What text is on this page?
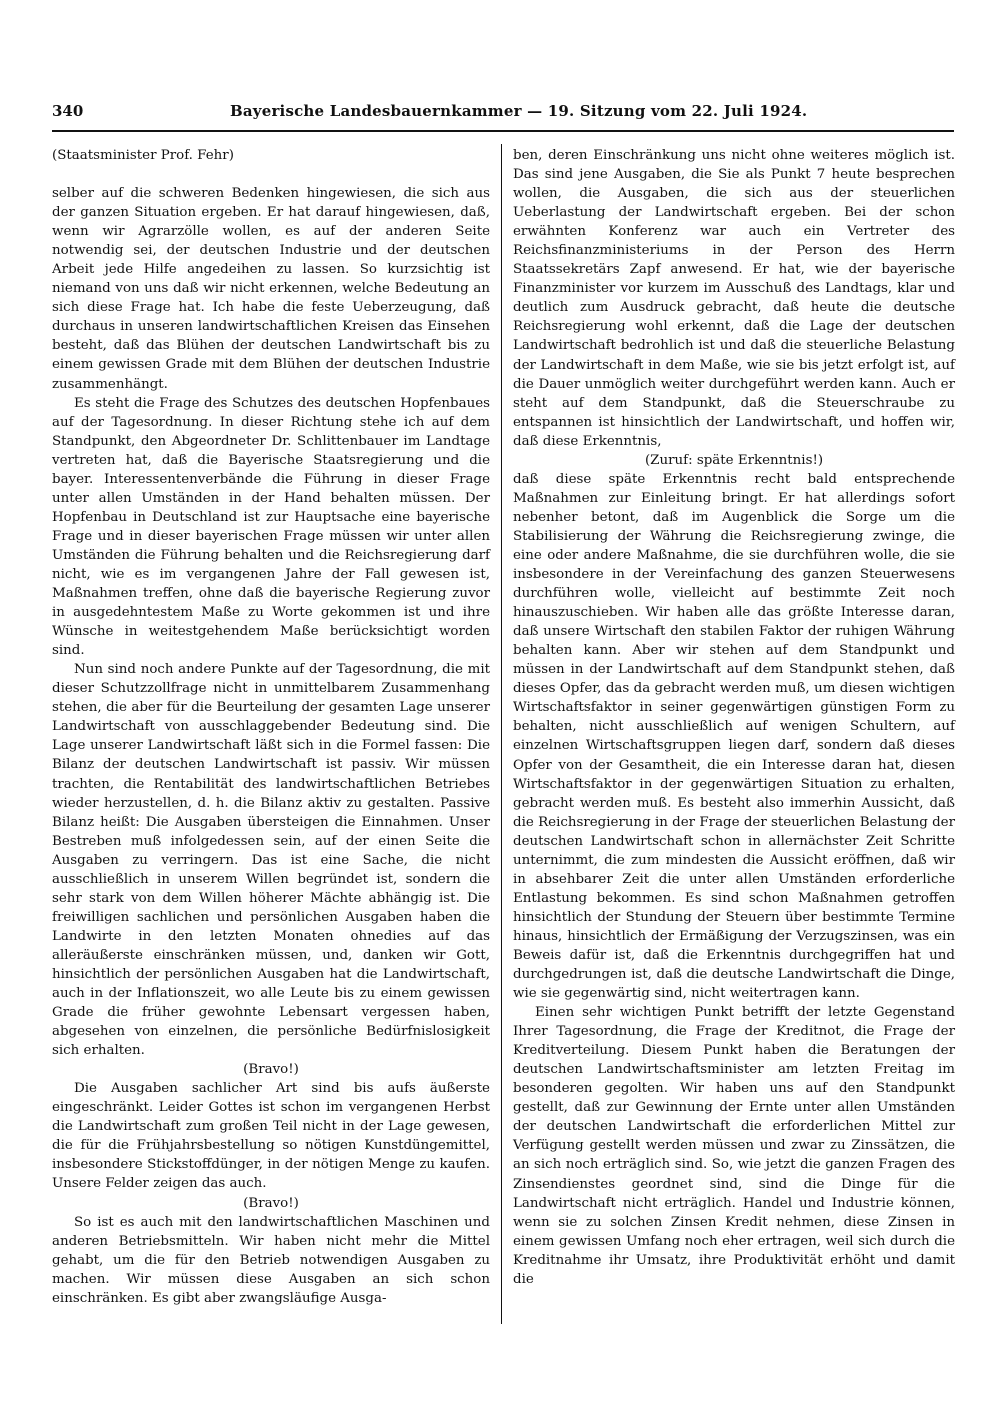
340	Bayerische Landesbauernkammer — 19. Sitzung vom 22. Juli 1924.

(Staatsminister Prof. Fehr)

selber auf die schweren Bedenken hingewiesen, die sich aus der ganzen Situation ergeben. Er hat darauf hingewiesen, daß, wenn wir Agrarzölle wollen, es auf der anderen Seite notwendig sei, der deutschen Industrie und der deutschen Arbeit jede Hilfe angedeihen zu lassen. So kurzsichtig ist niemand von uns daß wir nicht erkennen, welche Bedeutung an sich diese Frage hat. Ich habe die feste Ueberzeugung, daß durchaus in unseren landwirtschaftlichen Kreisen das Einsehen besteht, daß das Blühen der deutschen Landwirtschaft bis zu einem gewissen Grade mit dem Blühen der deutschen Industrie zusammenhängt.

Es steht die Frage des Schutzes des deutschen Hopfenbaues auf der Tagesordnung. In dieser Richtung stehe ich auf dem Standpunkt, den Abgeordneter Dr. Schlittenbauer im Landtage vertreten hat, daß die Bayerische Staatsregierung und die bayer. Interessentenverbände die Führung in dieser Frage unter allen Umständen in der Hand behalten müssen. Der Hopfenbau in Deutschland ist zur Hauptsache eine bayerische Frage und in dieser bayerischen Frage müssen wir unter allen Umständen die Führung behalten und die Reichsregierung darf nicht, wie es im vergangenen Jahre der Fall gewesen ist, Maßnahmen treffen, ohne daß die bayerische Regierung zuvor in ausgedehntestem Maße zu Worte gekommen ist und ihre Wünsche in weitestgehendem Maße berücksichtigt worden sind.

Nun sind noch andere Punkte auf der Tagesordnung, die mit dieser Schutzzollfrage nicht in unmittelbarem Zusammenhang stehen, die aber für die Beurteilung der gesamten Lage unserer Landwirtschaft von ausschlaggebender Bedeutung sind. Die Lage unserer Landwirtschaft läßt sich in die Formel fassen: Die Bilanz der deutschen Landwirtschaft ist passiv. Wir müssen trachten, die Rentabilität des landwirtschaftlichen Betriebes wieder herzustellen, d. h. die Bilanz aktiv zu gestalten. Passive Bilanz heißt: Die Ausgaben übersteigen die Einnahmen. Unser Bestreben muß infolgedessen sein, auf der einen Seite die Ausgaben zu verringern. Das ist eine Sache, die nicht ausschließlich in unserem Willen begründet ist, sondern die sehr stark von dem Willen höherer Mächte abhängig ist. Die freiwilligen sachlichen und persönlichen Ausgaben haben die Landwirte in den letzten Monaten ohnedies auf das alleräußerste einschränken müssen, und, danken wir Gott, hinsichtlich der persönlichen Ausgaben hat die Landwirtschaft, auch in der Inflationszeit, wo alle Leute bis zu einem gewissen Grade die früher gewohnte Lebensart vergessen haben, abgesehen von einzelnen, die persönliche Bedürfnislosigkeit sich erhalten.

(Bravo!)

Die Ausgaben sachlicher Art sind bis aufs äußerste eingeschränkt. Leider Gottes ist schon im vergangenen Herbst die Landwirtschaft zum großen Teil nicht in der Lage gewesen, die für die Frühjahrsbestellung so nötigen Kunstdüngemittel, insbesondere Stickstoffdünger, in der nötigen Menge zu kaufen. Unsere Felder zeigen das auch.

(Bravo!)

So ist es auch mit den landwirtschaftlichen Maschinen und anderen Betriebsmitteln. Wir haben nicht mehr die Mittel gehabt, um die für den Betrieb notwendigen Ausgaben zu machen. Wir müssen diese Ausgaben an sich schon einschränken. Es gibt aber zwangsläufige Ausga-

ben, deren Einschränkung uns nicht ohne weiteres möglich ist. Das sind jene Ausgaben, die Sie als Punkt 7 heute besprechen wollen, die Ausgaben, die sich aus der steuerlichen Ueberlastung der Landwirtschaft ergeben. Bei der schon erwähnten Konferenz war auch ein Vertreter des Reichsfinanzministeriums in der Person des Herrn Staatssekretärs Zapf anwesend. Er hat, wie der bayerische Finanzminister vor kurzem im Ausschuß des Landtags, klar und deutlich zum Ausdruck gebracht, daß heute die deutsche Reichsregierung wohl erkennt, daß die Lage der deutschen Landwirtschaft bedrohlich ist und daß die steuerliche Belastung der Landwirtschaft in dem Maße, wie sie bis jetzt erfolgt ist, auf die Dauer unmöglich weiter durchgeführt werden kann. Auch er steht auf dem Standpunkt, daß die Steuerschraube zu entspannen ist hinsichtlich der Landwirtschaft, und hoffen wir, daß diese Erkenntnis,

(Zuruf: späte Erkenntnis!)

daß diese späte Erkenntnis recht bald entsprechende Maßnahmen zur Einleitung bringt. Er hat allerdings sofort nebenher betont, daß im Augenblick die Sorge um die Stabilisierung der Währung die Reichsregierung zwinge, die eine oder andere Maßnahme, die sie durchführen wolle, die sie insbesondere in der Vereinfachung des ganzen Steuerwesens durchführen wolle, vielleicht auf bestimmte Zeit noch hinauszuschieben. Wir haben alle das größte Interesse daran, daß unsere Wirtschaft den stabilen Faktor der ruhigen Währung behalten kann. Aber wir stehen auf dem Standpunkt und müssen in der Landwirtschaft auf dem Standpunkt stehen, daß dieses Opfer, das da gebracht werden muß, um diesen wichtigen Wirtschaftsfaktor in seiner gegenwärtigen günstigen Form zu behalten, nicht ausschließlich auf wenigen Schultern, auf einzelnen Wirtschaftsgruppen liegen darf, sondern daß dieses Opfer von der Gesamtheit, die ein Interesse daran hat, diesen Wirtschaftsfaktor in der gegenwärtigen Situation zu erhalten, gebracht werden muß. Es besteht also immerhin Aussicht, daß die Reichsregierung in der Frage der steuerlichen Belastung der deutschen Landwirtschaft schon in allernächster Zeit Schritte unternimmt, die zum mindesten die Aussicht eröffnen, daß wir in absehbarer Zeit die unter allen Umständen erforderliche Entlastung bekommen. Es sind schon Maßnahmen getroffen hinsichtlich der Stundung der Steuern über bestimmte Termine hinaus, hinsichtlich der Ermäßigung der Verzugszinsen, was ein Beweis dafür ist, daß die Erkenntnis durchgegriffen hat und durchgedrungen ist, daß die deutsche Landwirtschaft die Dinge, wie sie gegenwärtig sind, nicht weitertragen kann.

Einen sehr wichtigen Punkt betrifft der letzte Gegenstand Ihrer Tagesordnung, die Frage der Kreditnot, die Frage der Kreditverteilung. Diesem Punkt haben die Beratungen der deutschen Landwirtschaftsminister am letzten Freitag im besonderen gegolten. Wir haben uns auf den Standpunkt gestellt, daß zur Gewinnung der Ernte unter allen Umständen der deutschen Landwirtschaft die erforderlichen Mittel zur Verfügung gestellt werden müssen und zwar zu Zinssätzen, die an sich noch erträglich sind. So, wie jetzt die ganzen Fragen des Zinsendienstes geordnet sind, sind die Dinge für die Landwirtschaft nicht erträglich. Handel und Industrie können, wenn sie zu solchen Zinsen Kredit nehmen, diese Zinsen in einem gewissen Umfang noch eher ertragen, weil sich durch die Kreditnahme ihr Umsatz, ihre Produktivität erhöht und damit die
